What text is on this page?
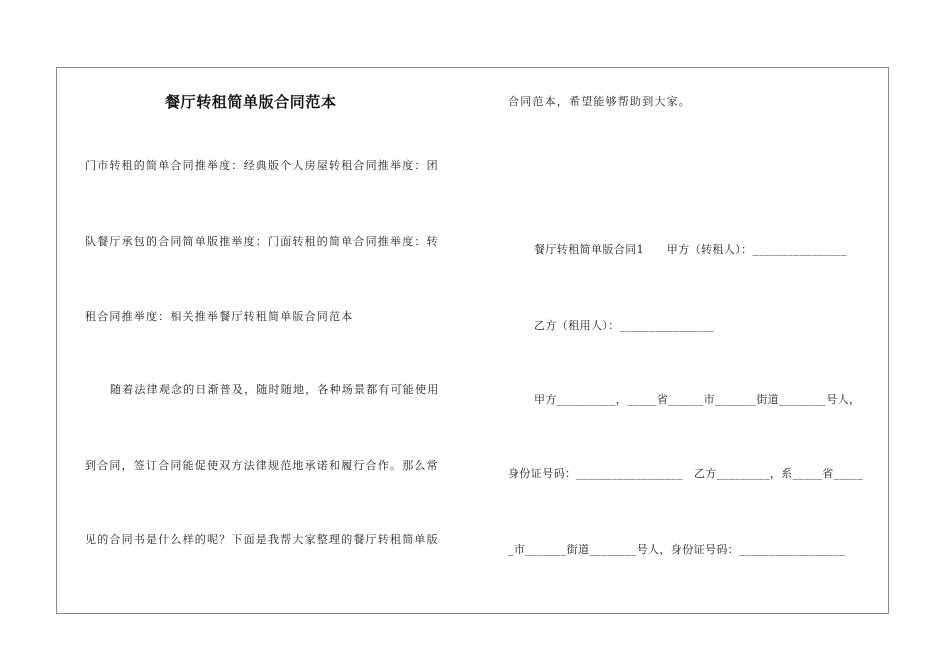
餐厅转租简单版合同范本
门市转租的简单合同推举度：经典版个人房屋转租合同推举度：团
队餐厅承包的合同简单版推举度：门面转租的简单合同推举度：转
租合同推举度：相关推举餐厅转租简单版合同范本
随着法律观念的日渐普及，随时随地，各种场景都有可能使用
到合同，签订合同能促使双方法律规范地承诺和履行合作。那么常
见的合同书是什么样的呢？下面是我帮大家整理的餐厅转租简单版
合同范本，希望能够帮助到大家。
餐厅转租简单版合同1　　甲方（转租人）：________________
乙方（租用人）：________________
甲方__________，_____省______市_______街道________号人，
身份证号码：__________________　乙方_________，系_____省_____
_市_______街道________号人，身份证号码：__________________
